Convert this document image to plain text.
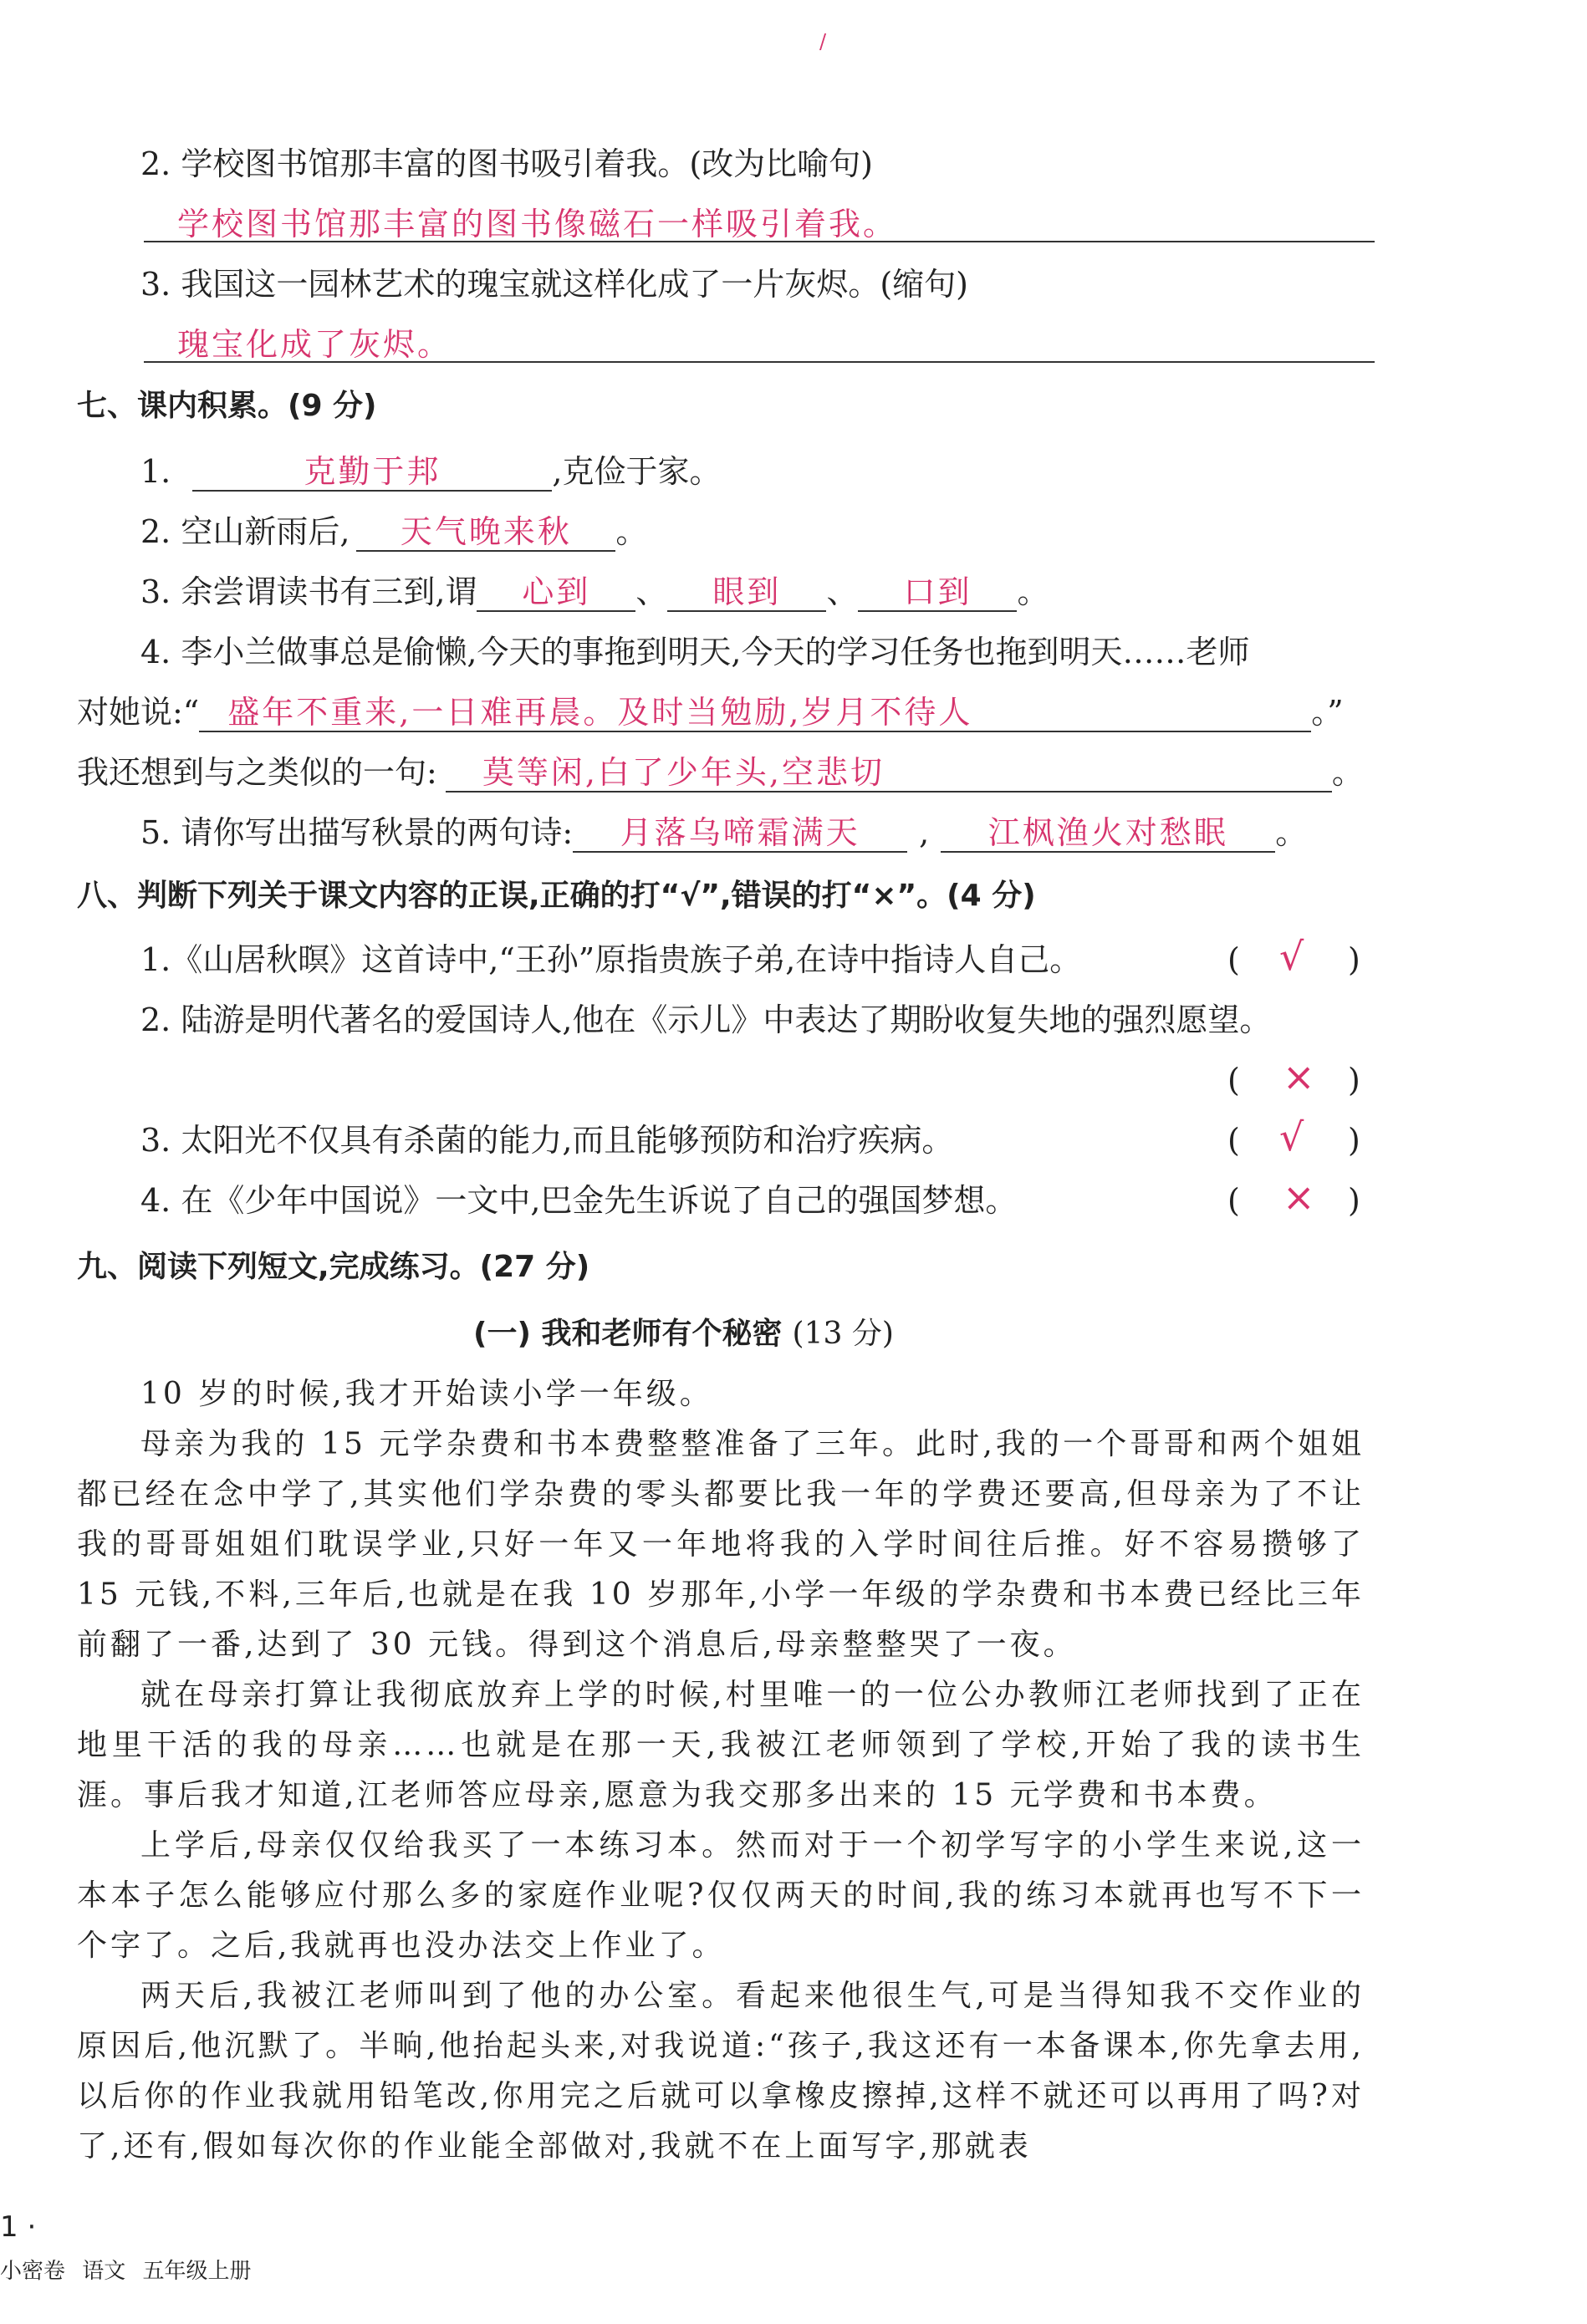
/
2. 学校图书馆那丰富的图书吸引着我。(改为比喻句)
学校图书馆那丰富的图书像磁石一样吸引着我。
3. 我国这一园林艺术的瑰宝就这样化成了一片灰烬。(缩句)
瑰宝化成了灰烬。
七、课内积累。(9 分)
1.	克勤于邦	,克俭于家。
2. 空山新雨后, 天气晚来秋 。
3. 余尝谓读书有三到,谓 心到 、 眼到 、 口到 。
4. 李小兰做事总是偷懒,今天的事拖到明天,今天的学习任务也拖到明天……老师
对她说:“ 盛年不重来,一日难再晨。及时当勉励,岁月不待人	。”
我还想到与之类似的一句: 莫等闲,白了少年头,空悲切	。
5. 请你写出描写秋景的两句诗: 月落乌啼霜满天 , 江枫渔火对愁眠 。
八、判断下列关于课文内容的正误,正确的打“√”,错误的打“×”。(4 分)
1.《山居秋暝》这首诗中,“王孙”原指贵族子弟,在诗中指诗人自己。	( √ )
2. 陆游是明代著名的爱国诗人,他在《示儿》中表达了期盼收复失地的强烈愿望。
( × )
3. 太阳光不仅具有杀菌的能力,而且能够预防和治疗疾病。	( √ )
4. 在《少年中国说》一文中,巴金先生诉说了自己的强国梦想。	( × )
九、阅读下列短文,完成练习。(27 分)
(一) 我和老师有个秘密 (13 分)

10 岁的时候,我才开始读小学一年级。

母亲为我的 15 元学杂费和书本费整整准备了三年。此时,我的一个哥哥和两个姐姐都已经在念中学了,其实他们学杂费的零头都要比我一年的学费还要高,但母亲为了不让我的哥哥姐姐们耽误学业,只好一年又一年地将我的入学时间往后推。好不容易攒够了 15 元钱,不料,三年后,也就是在我 10 岁那年,小学一年级的学杂费和书本费已经比三年前翻了一番,达到了 30 元钱。得到这个消息后,母亲整整哭了一夜。

就在母亲打算让我彻底放弃上学的时候,村里唯一的一位公办教师江老师找到了正在地里干活的我的母亲……也就是在那一天,我被江老师领到了学校,开始了我的读书生涯。事后我才知道,江老师答应母亲,愿意为我交那多出来的 15 元学费和书本费。

上学后,母亲仅仅给我买了一本练习本。然而对于一个初学写字的小学生来说,这一本本子怎么能够应付那么多的家庭作业呢?仅仅两天的时间,我的练习本就再也写不下一个字了。之后,我就再也没办法交上作业了。

两天后,我被江老师叫到了他的办公室。看起来他很生气,可是当得知我不交作业的原因后,他沉默了。半晌,他抬起头来,对我说道:“孩子,我这还有一本备课本,你先拿去用,以后你的作业我就用铅笔改,你用完之后就可以拿橡皮擦掉,这样不就还可以再用了吗?对了,还有,假如每次你的作业能全部做对,我就不在上面写字,那就表

1 ·
小密卷 语文 五年级上册
